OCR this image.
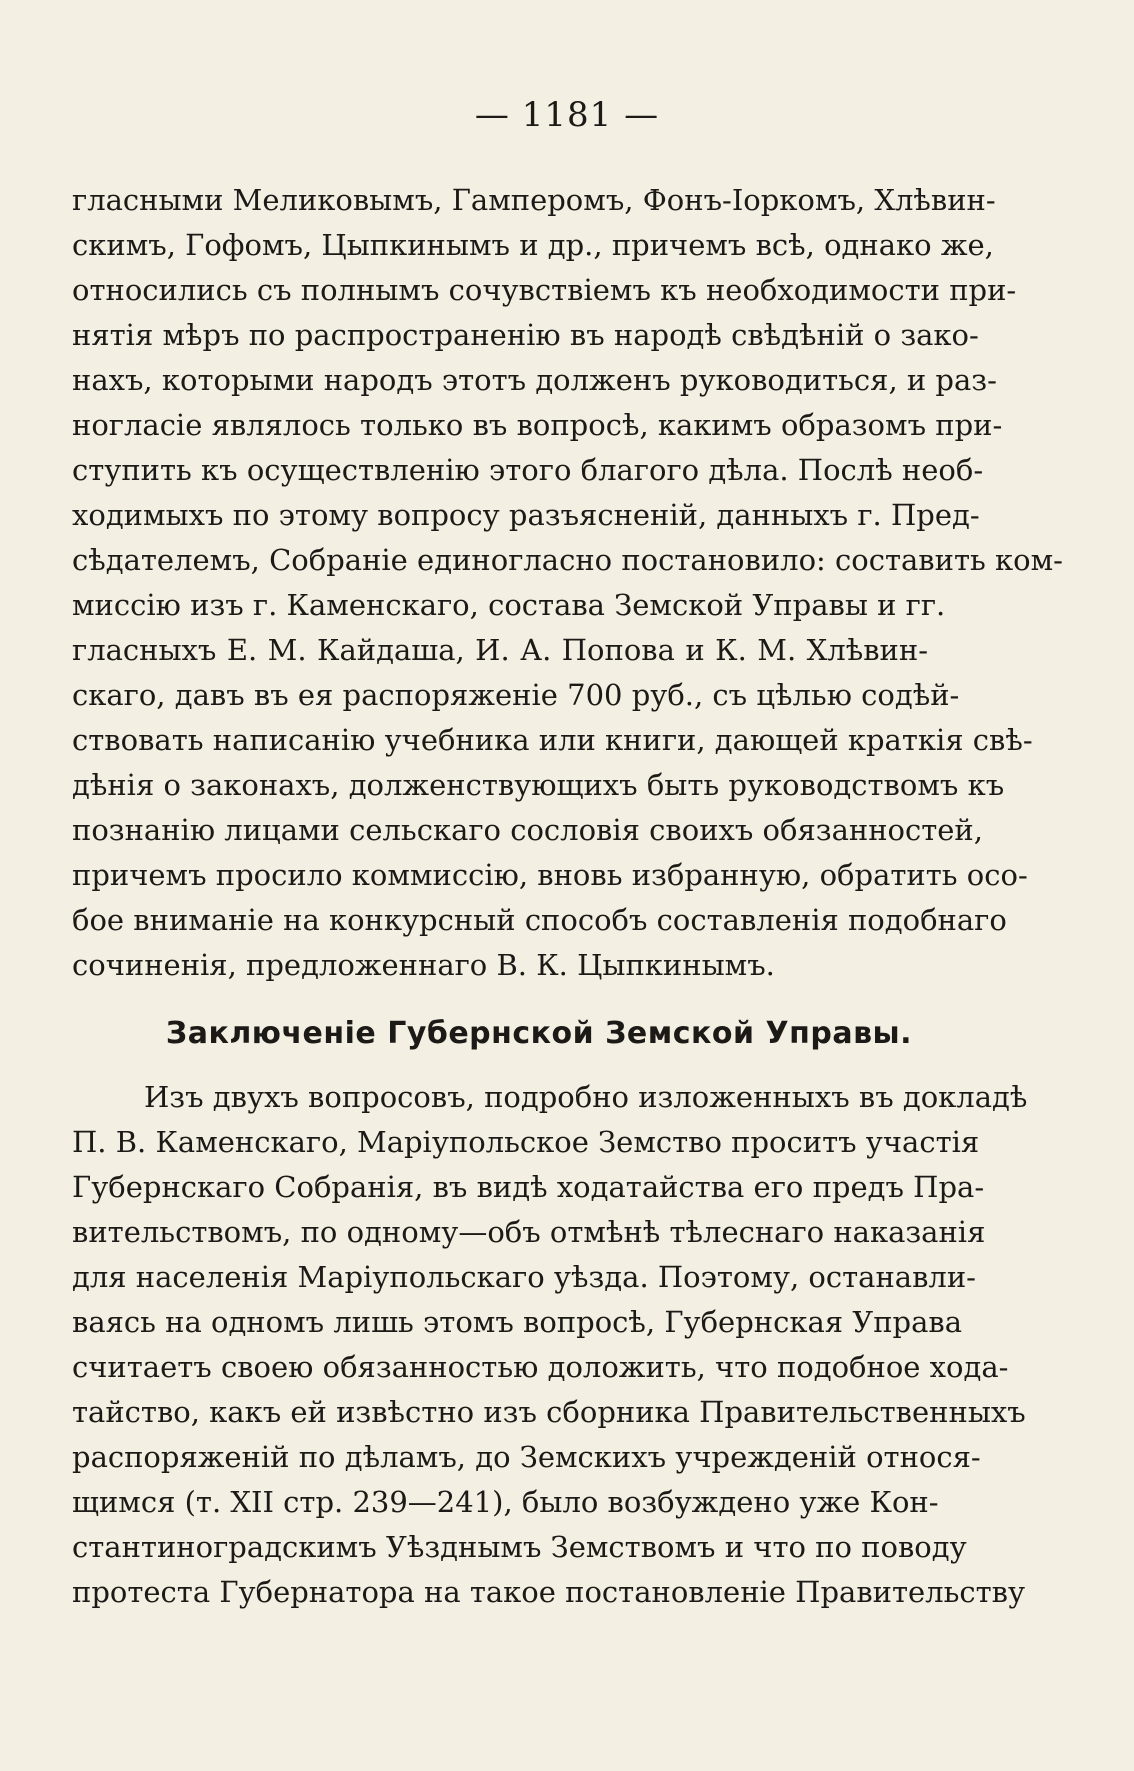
— 1181 —
гласными Меликовымъ, Гамперомъ, Фонъ-Іоркомъ, Хлѣвин-
скимъ, Гофомъ, Цыпкинымъ и др., причемъ всѣ, однако же,
относились съ полнымъ сочувствіемъ къ необходимости при-
нятія мѣръ по распространенію въ народѣ свѣдѣній о зако-
нахъ, которыми народъ этотъ долженъ руководиться, и раз-
ногласіе являлось только въ вопросѣ, какимъ образомъ при-
ступить къ осуществленію этого благого дѣла. Послѣ необ-
ходимыхъ по этому вопросу разъясненій, данныхъ г. Пред-
сѣдателемъ, Собраніе единогласно постановило: составить ком-
миссію изъ г. Каменскаго, состава Земской Управы и гг.
гласныхъ Е. М. Кайдаша, И. А. Попова и К. М. Хлѣвин-
скаго, давъ въ ея распоряженіе 700 руб., съ цѣлью содѣй-
ствовать написанію учебника или книги, дающей краткія свѣ-
дѣнія о законахъ, долженствующихъ быть руководствомъ къ
познанію лицами сельскаго сословія своихъ обязанностей,
причемъ просило коммиссію, вновь избранную, обратить осо-
бое вниманіе на конкурсный способъ составленія подобнаго
сочиненія, предложеннаго В. К. Цыпкинымъ.
Заключеніе Губернской Земской Управы.
Изъ двухъ вопросовъ, подробно изложенныхъ въ докладѣ
П. В. Каменскаго, Маріупольское Земство проситъ участія
Губернскаго Собранія, въ видѣ ходатайства его предъ Пра-
вительствомъ, по одному—объ отмѣнѣ тѣлеснаго наказанія
для населенія Маріупольскаго уѣзда. Поэтому, останавли-
ваясь на одномъ лишь этомъ вопросѣ, Губернская Управа
считаетъ своею обязанностью доложить, что подобное хода-
тайство, какъ ей извѣстно изъ сборника Правительственныхъ
распоряженій по дѣламъ, до Земскихъ учрежденій относя-
щимся (т. XII стр. 239—241), было возбуждено уже Кон-
стантиноградскимъ Уѣзднымъ Земствомъ и что по поводу
протеста Губернатора на такое постановленіе Правительству
